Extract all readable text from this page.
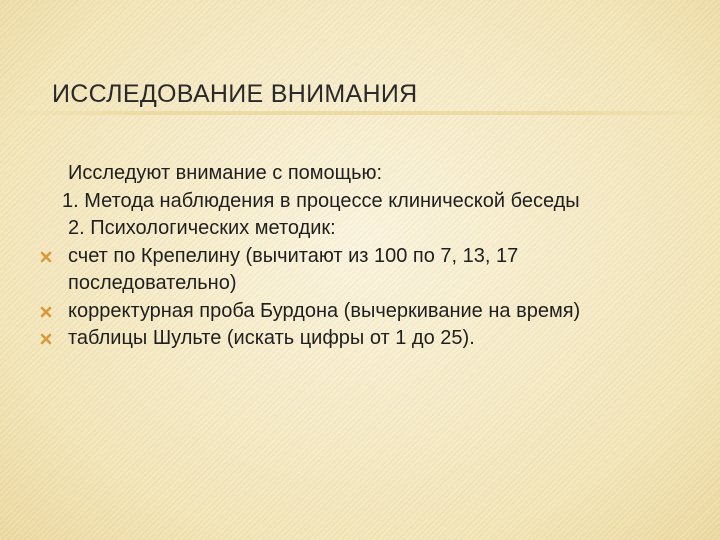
ИССЛЕДОВАНИЕ ВНИМАНИЯ
Исследуют внимание с помощью:
1. Метода наблюдения в процессе клинической беседы
2. Психологических методик:
счет по Крепелину (вычитают из 100 по 7, 13, 17 последовательно)
корректурная проба Бурдона (вычеркивание на время)
таблицы Шульте (искать цифры от 1 до 25).
